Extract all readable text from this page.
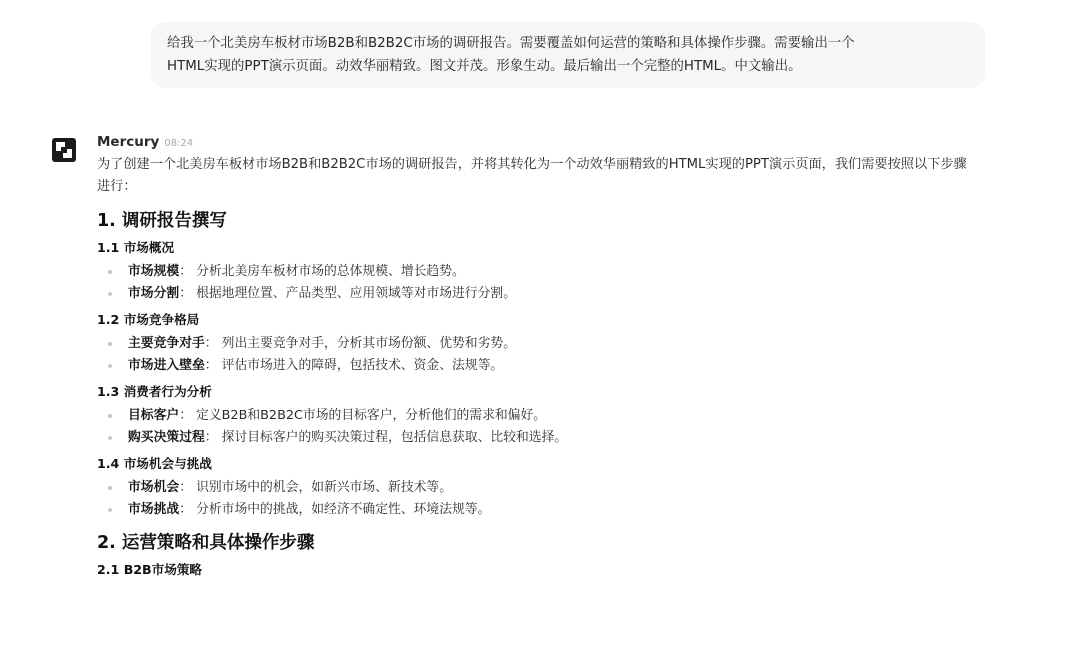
给我一个北美房车板材市场B2B和B2B2C市场的调研报告。需要覆盖如何运营的策略和具体操作步骤。需要输出一个
HTML实现的PPT演示页面。动效华丽精致。图文并茂。形象生动。最后输出一个完整的HTML。中文输出。
Mercury 08:24
为了创建一个北美房车板材市场B2B和B2B2C市场的调研报告，并将其转化为一个动效华丽精致的HTML实现的PPT演示页面，我们需要按照以下步骤进行：
1. 调研报告撰写
1.1 市场概况
市场规模： 分析北美房车板材市场的总体规模、增长趋势。
市场分割： 根据地理位置、产品类型、应用领域等对市场进行分割。
1.2 市场竞争格局
主要竞争对手： 列出主要竞争对手，分析其市场份额、优势和劣势。
市场进入壁垒： 评估市场进入的障碍，包括技术、资金、法规等。
1.3 消费者行为分析
目标客户： 定义B2B和B2B2C市场的目标客户，分析他们的需求和偏好。
购买决策过程： 探讨目标客户的购买决策过程，包括信息获取、比较和选择。
1.4 市场机会与挑战
市场机会： 识别市场中的机会，如新兴市场、新技术等。
市场挑战： 分析市场中的挑战，如经济不确定性、环境法规等。
2. 运营策略和具体操作步骤
2.1 B2B市场策略
